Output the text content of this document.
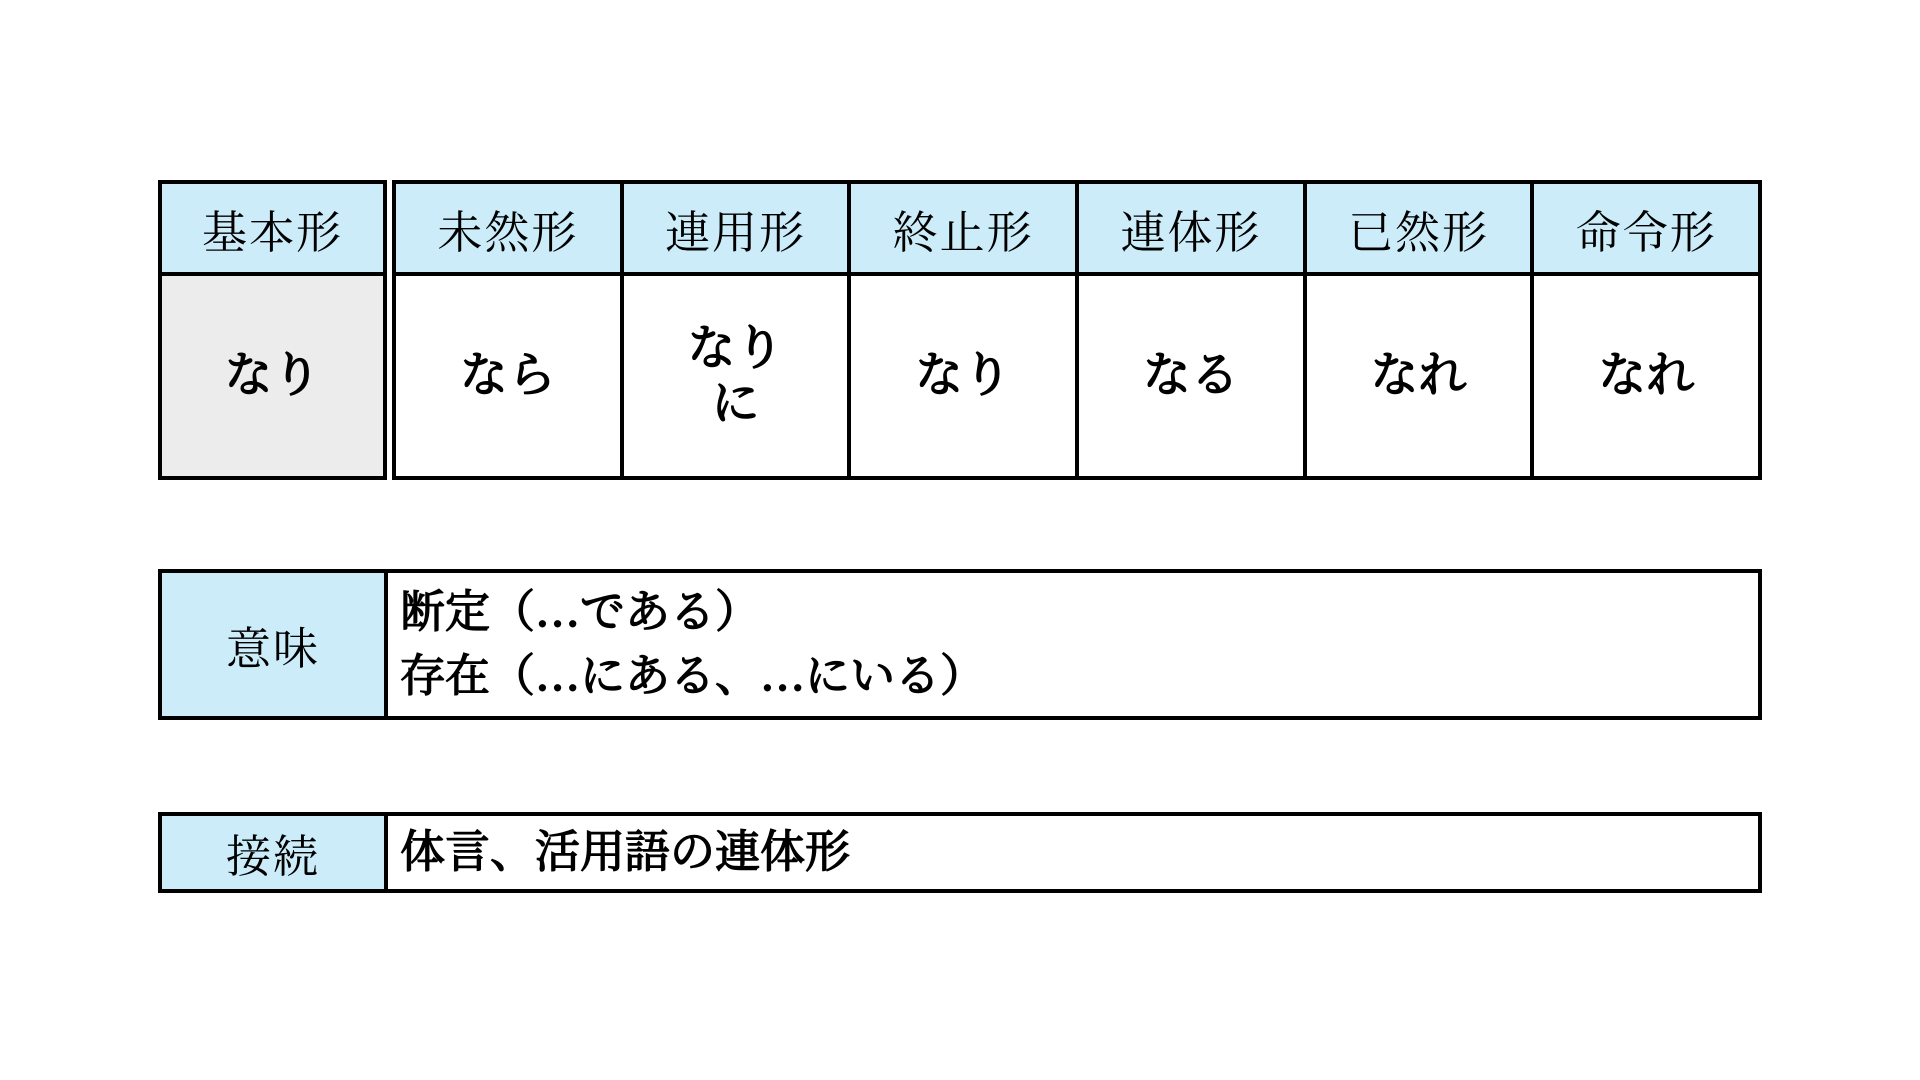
基本形
なり
未然形
なら
連用形
なり
に
終止形
なり
連体形
なる
已然形
なれ
命令形
なれ
意味
断定（…である）
存在（…にある、…にいる）
接続 体言、活用語の連体形
